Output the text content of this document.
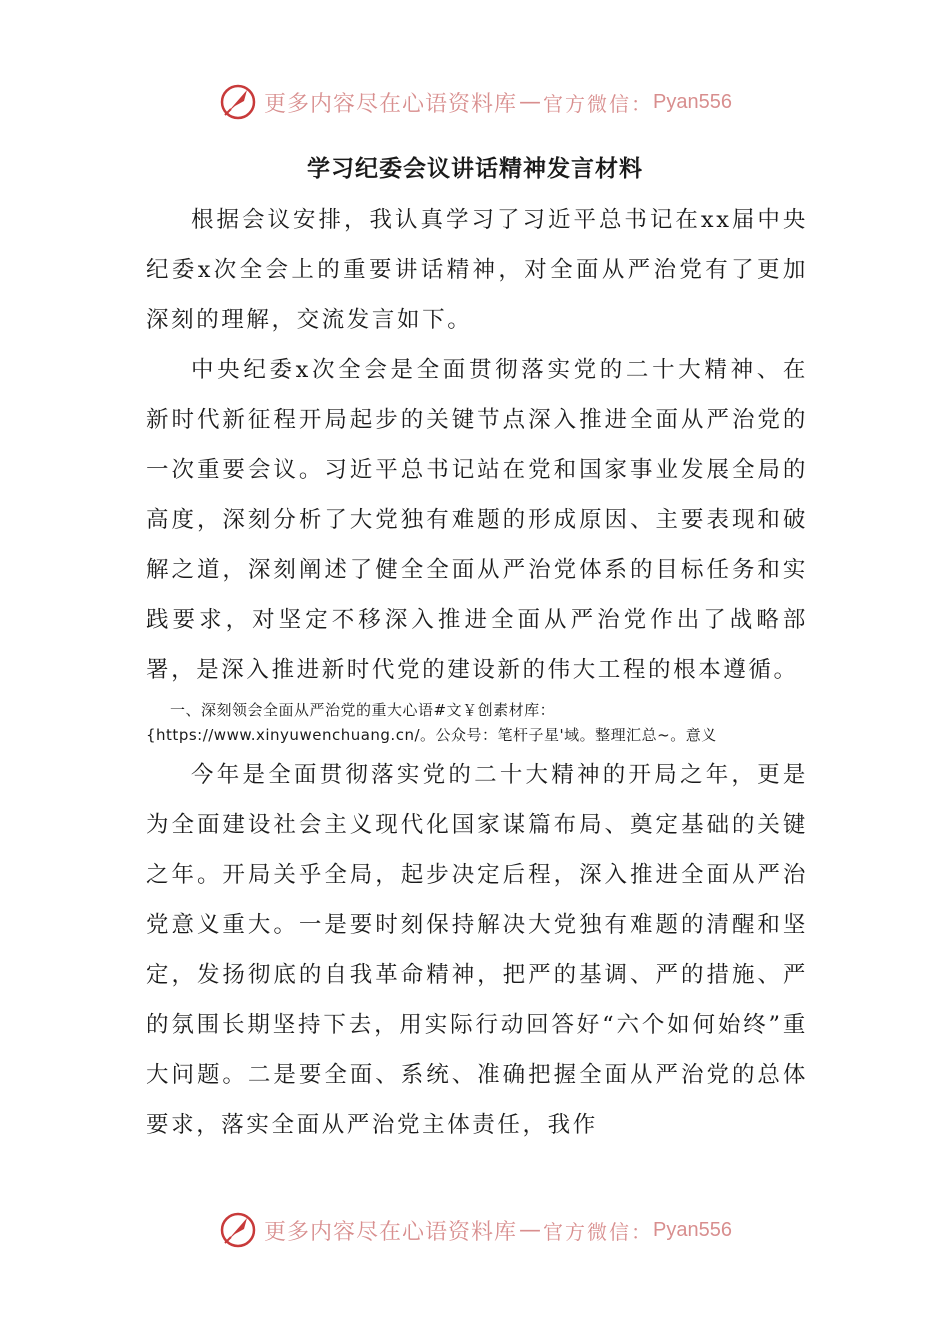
更多内容尽在心语资料库 — 官方微信： Pyan556
学习纪委会议讲话精神发言材料

根据会议安排，我认真学习了习近平总书记在xx届中央纪委x次全会上的重要讲话精神，对全面从严治党有了更加深刻的理解，交流发言如下。

中央纪委x次全会是全面贯彻落实党的二十大精神、在新时代新征程开局起步的关键节点深入推进全面从严治党的一次重要会议。习近平总书记站在党和国家事业发展全局的高度，深刻分析了大党独有难题的形成原因、主要表现和破解之道，深刻阐述了健全全面从严治党体系的目标任务和实践要求，对坚定不移深入推进全面从严治党作出了战略部署，是深入推进新时代党的建设新的伟大工程的根本遵循。

一、深刻领会全面从严治党的重大心语#文￥创素材库：{https://www.xinyuwenchuang.cn/。公众号：笔杆子星'域。整理汇总~。意义

今年是全面贯彻落实党的二十大精神的开局之年，更是为全面建设社会主义现代化国家谋篇布局、奠定基础的关键之年。开局关乎全局，起步决定后程，深入推进全面从严治党意义重大。一是要时刻保持解决大党独有难题的清醒和坚定，发扬彻底的自我革命精神，把严的基调、严的措施、严的氛围长期坚持下去，用实际行动回答好“六个如何始终”重大问题。二是要全面、系统、准确把握全面从严治党的总体要求，落实全面从严治党主体责任，我作

更多内容尽在心语资料库 — 官方微信： Pyan556
